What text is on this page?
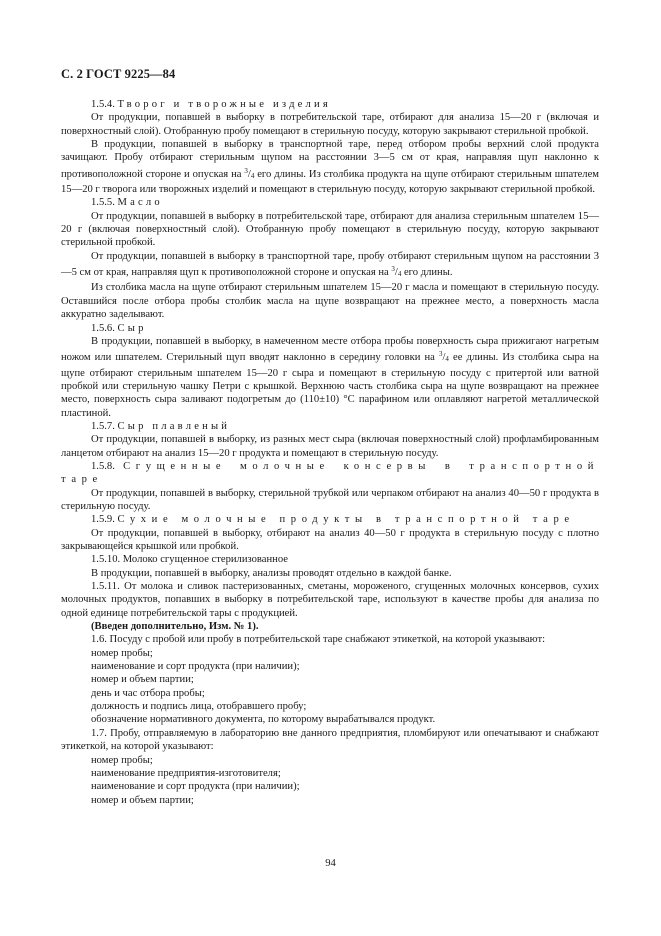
С. 2 ГОСТ 9225—84

1.5.4. Творог и творожные изделия

От продукции, попавшей в выборку в потребительской таре, отбирают для анализа 15—20 г (включая и поверхностный слой). Отобранную пробу помещают в стерильную посуду, которую закрывают стерильной пробкой.

В продукции, попавшей в выборку в транспортной таре, перед отбором пробы верхний слой продукта зачищают. Пробу отбирают стерильным щупом на расстоянии 3—5 см от края, направляя щуп наклонно к противоположной стороне и опуская на $^3/_4$ его длины. Из столбика продукта на щупе отбирают стерильным шпателем 15—20 г творога или творожных изделий и помещают в стерильную посуду, которую закрывают стерильной пробкой.

1.5.5. Масло

От продукции, попавшей в выборку в потребительской таре, отбирают для анализа стерильным шпателем 15—20 г (включая поверхностный слой). Отобранную пробу помещают в стерильную посуду, которую закрывают стерильной пробкой.

От продукции, попавшей в выборку в транспортной таре, пробу отбирают стерильным щупом на расстоянии 3—5 см от края, направляя щуп к противоположной стороне и опуская на $^3/_4$ его длины.

Из столбика масла на щупе отбирают стерильным шпателем 15—20 г масла и помещают в стерильную посуду. Оставшийся после отбора пробы столбик масла на щупе возвращают на прежнее место, а поверхность масла аккуратно заделывают.

1.5.6. Сыр

В продукции, попавшей в выборку, в намеченном месте отбора пробы поверхность сыра прижигают нагретым ножом или шпателем. Стерильный щуп вводят наклонно в середину головки на $^3/_4$ ее длины. Из столбика сыра на щупе отбирают стерильным шпателем 15—20 г сыра и помещают в стерильную посуду с притертой или ватной пробкой или стерильную чашку Петри с крышкой. Верхнюю часть столбика сыра на щупе возвращают на прежнее место, поверхность сыра заливают подогретым до (110±10) °С парафином или оплавляют нагретой металлической пластиной.

1.5.7. Сыр плавленый

От продукции, попавшей в выборку, из разных мест сыра (включая поверхностный слой) профламбированным ланцетом отбирают на анализ 15—20 г продукта и помещают в стерильную посуду.

1.5.8. Сгущенные молочные консервы в транспортной таре

От продукции, попавшей в выборку, стерильной трубкой или черпаком отбирают на анализ 40—50 г продукта в стерильную посуду.

1.5.9. Сухие молочные продукты в транспортной таре

От продукции, попавшей в выборку, отбирают на анализ 40—50 г продукта в стерильную посуду с плотно закрывающейся крышкой или пробкой.

1.5.10. Молоко сгущенное стерилизованное

В продукции, попавшей в выборку, анализы проводят отдельно в каждой банке.

1.5.11. От молока и сливок пастеризованных, сметаны, мороженого, сгущенных молочных консервов, сухих молочных продуктов, попавших в выборку в потребительской таре, используют в качестве пробы для анализа по одной единице потребительской тары с продукцией.

(Введен дополнительно, Изм. № 1).

1.6. Посуду с пробой или пробу в потребительской таре снабжают этикеткой, на которой указывают:

номер пробы;

наименование и сорт продукта (при наличии);

номер и объем партии;

день и час отбора пробы;

должность и подпись лица, отобравшего пробу;

обозначение нормативного документа, по которому вырабатывался продукт.

1.7. Пробу, отправляемую в лабораторию вне данного предприятия, пломбируют или опечатывают и снабжают этикеткой, на которой указывают:

номер пробы;

наименование предприятия-изготовителя;

наименование и сорт продукта (при наличии);

номер и объем партии;

94
